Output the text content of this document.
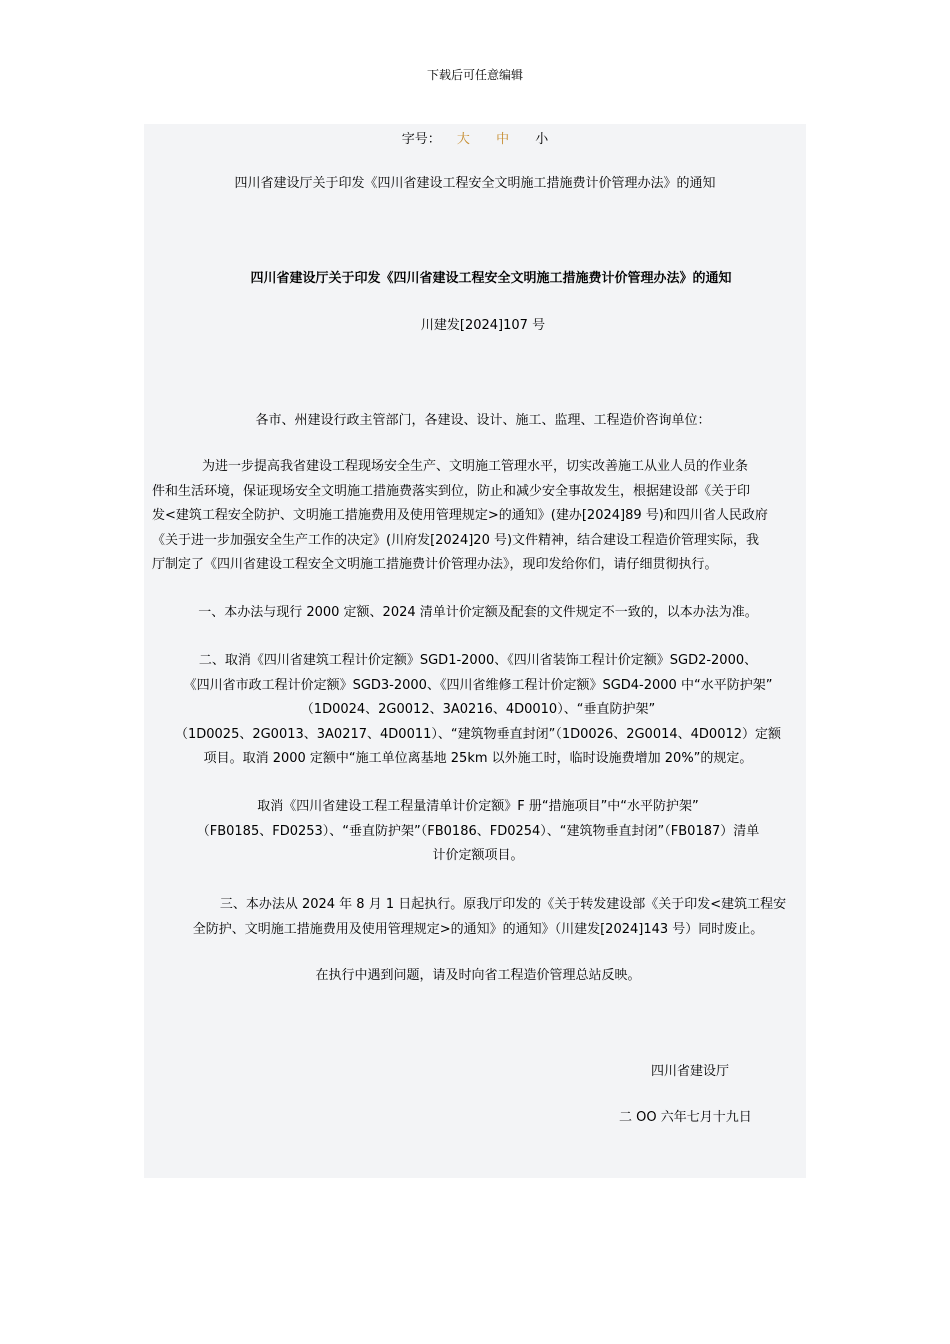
下载后可任意编辑
字号： 大 中 小
四川省建设厅关于印发《四川省建设工程安全文明施工措施费计价管理办法》的通知
四川省建设厅关于印发《四川省建设工程安全文明施工措施费计价管理办法》的通知
川建发[2024]107 号
各市、州建设行政主管部门，各建设、设计、施工、监理、工程造价咨询单位：
为进一步提高我省建设工程现场安全生产、文明施工管理水平，切实改善施工从业人员的作业条
件和生活环境，保证现场安全文明施工措施费落实到位，防止和减少安全事故发生，根据建设部《关于印
发<建筑工程安全防护、文明施工措施费用及使用管理规定>的通知》(建办[2024]89 号)和四川省人民政府
《关于进一步加强安全生产工作的决定》(川府发[2024]20 号)文件精神，结合建设工程造价管理实际，我
厅制定了《四川省建设工程安全文明施工措施费计价管理办法》，现印发给你们，请仔细贯彻执行。
一、本办法与现行 2000 定额、2024 清单计价定额及配套的文件规定不一致的，以本办法为准。
二、取消《四川省建筑工程计价定额》SGD1-2000、《四川省装饰工程计价定额》SGD2-2000、
《四川省市政工程计价定额》SGD3-2000、《四川省维修工程计价定额》SGD4-2000 中“水平防护架”
（1D0024、2G0012、3A0216、4D0010）、“垂直防护架”
（1D0025、2G0013、3A0217、4D0011）、“建筑物垂直封闭”（1D0026、2G0014、4D0012）定额
项目。取消 2000 定额中“施工单位离基地 25km 以外施工时，临时设施费增加 20%”的规定。
取消《四川省建设工程工程量清单计价定额》F 册“措施项目”中“水平防护架”
（FB0185、FD0253）、“垂直防护架”（FB0186、FD0254）、“建筑物垂直封闭”（FB0187）清单
计价定额项目。
三、本办法从 2024 年 8 月 1 日起执行。原我厅印发的《关于转发建设部《关于印发<建筑工程安
全防护、文明施工措施费用及使用管理规定>的通知》的通知》（川建发[2024]143 号）同时废止。
在执行中遇到问题，请及时向省工程造价管理总站反映。
四川省建设厅
二 OO 六年七月十九日
